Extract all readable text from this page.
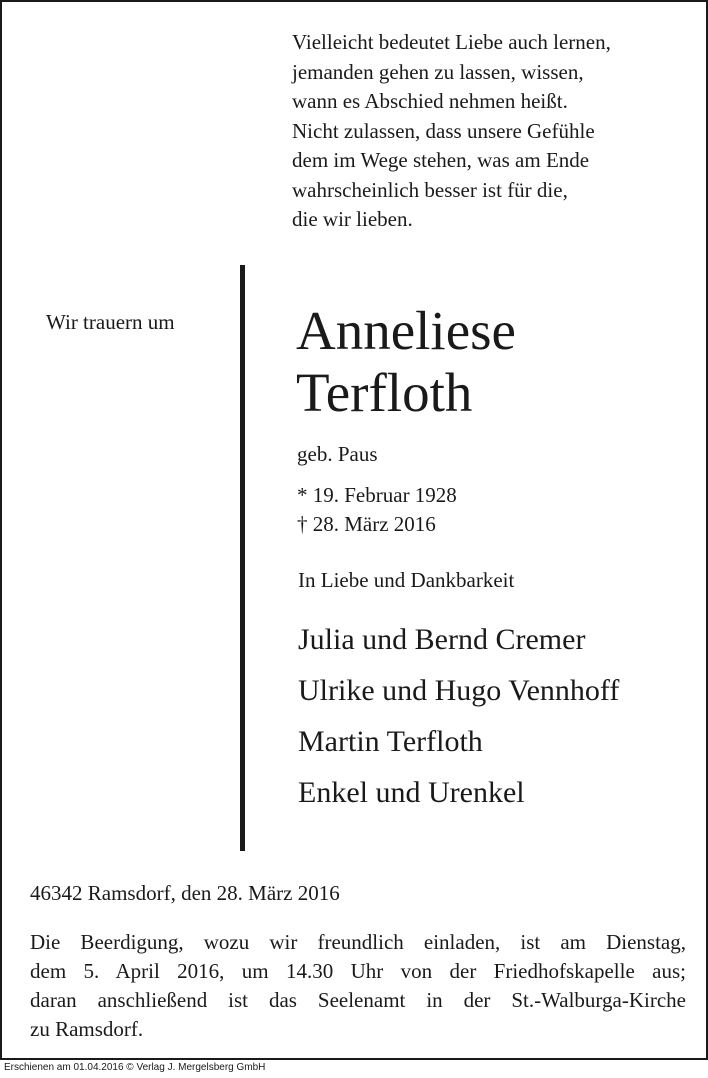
Vielleicht bedeutet Liebe auch lernen,
jemanden gehen zu lassen, wissen,
wann es Abschied nehmen heißt.
Nicht zulassen, dass unsere Gefühle
dem im Wege stehen, was am Ende
wahrscheinlich besser ist für die,
die wir lieben.
Wir trauern um Anneliese
Terfloth
geb. Paus
* 19. Februar 1928
† 28. März 2016
In Liebe und Dankbarkeit
Julia und Bernd Cremer
Ulrike und Hugo Vennhoff
Martin Terfloth
Enkel und Urenkel
46342 Ramsdorf, den 28. März 2016
Die Beerdigung, wozu wir freundlich einladen, ist am Dienstag,
dem 5. April 2016, um 14.30 Uhr von der Friedhofskapelle aus;
daran anschließend ist das Seelenamt in der St.-Walburga-Kirche
zu Ramsdorf.
Erschienen am 01.04.2016 © Verlag J. Mergelsberg GmbH
